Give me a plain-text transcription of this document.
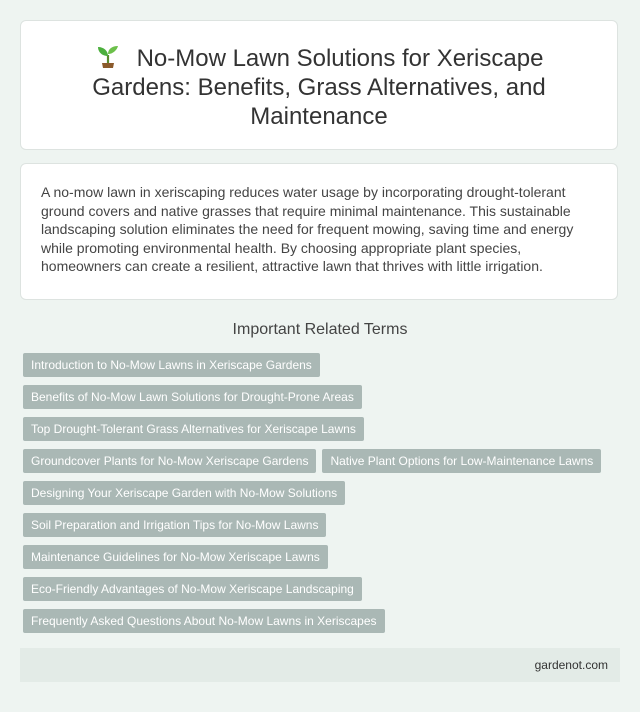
No-Mow Lawn Solutions for Xeriscape Gardens: Benefits, Grass Alternatives, and Maintenance

A no-mow lawn in xeriscaping reduces water usage by incorporating drought-tolerant ground covers and native grasses that require minimal maintenance. This sustainable landscaping solution eliminates the need for frequent mowing, saving time and energy while promoting environmental health. By choosing appropriate plant species, homeowners can create a resilient, attractive lawn that thrives with little irrigation.

Important Related Terms
Introduction to No-Mow Lawns in Xeriscape Gardens
Benefits of No-Mow Lawn Solutions for Drought-Prone Areas
Top Drought-Tolerant Grass Alternatives for Xeriscape Lawns
Groundcover Plants for No-Mow Xeriscape Gardens Native Plant Options for Low-Maintenance Lawns
Designing Your Xeriscape Garden with No-Mow Solutions
Soil Preparation and Irrigation Tips for No-Mow Lawns
Maintenance Guidelines for No-Mow Xeriscape Lawns
Eco-Friendly Advantages of No-Mow Xeriscape Landscaping
Frequently Asked Questions About No-Mow Lawns in Xeriscapes
gardenot.com
